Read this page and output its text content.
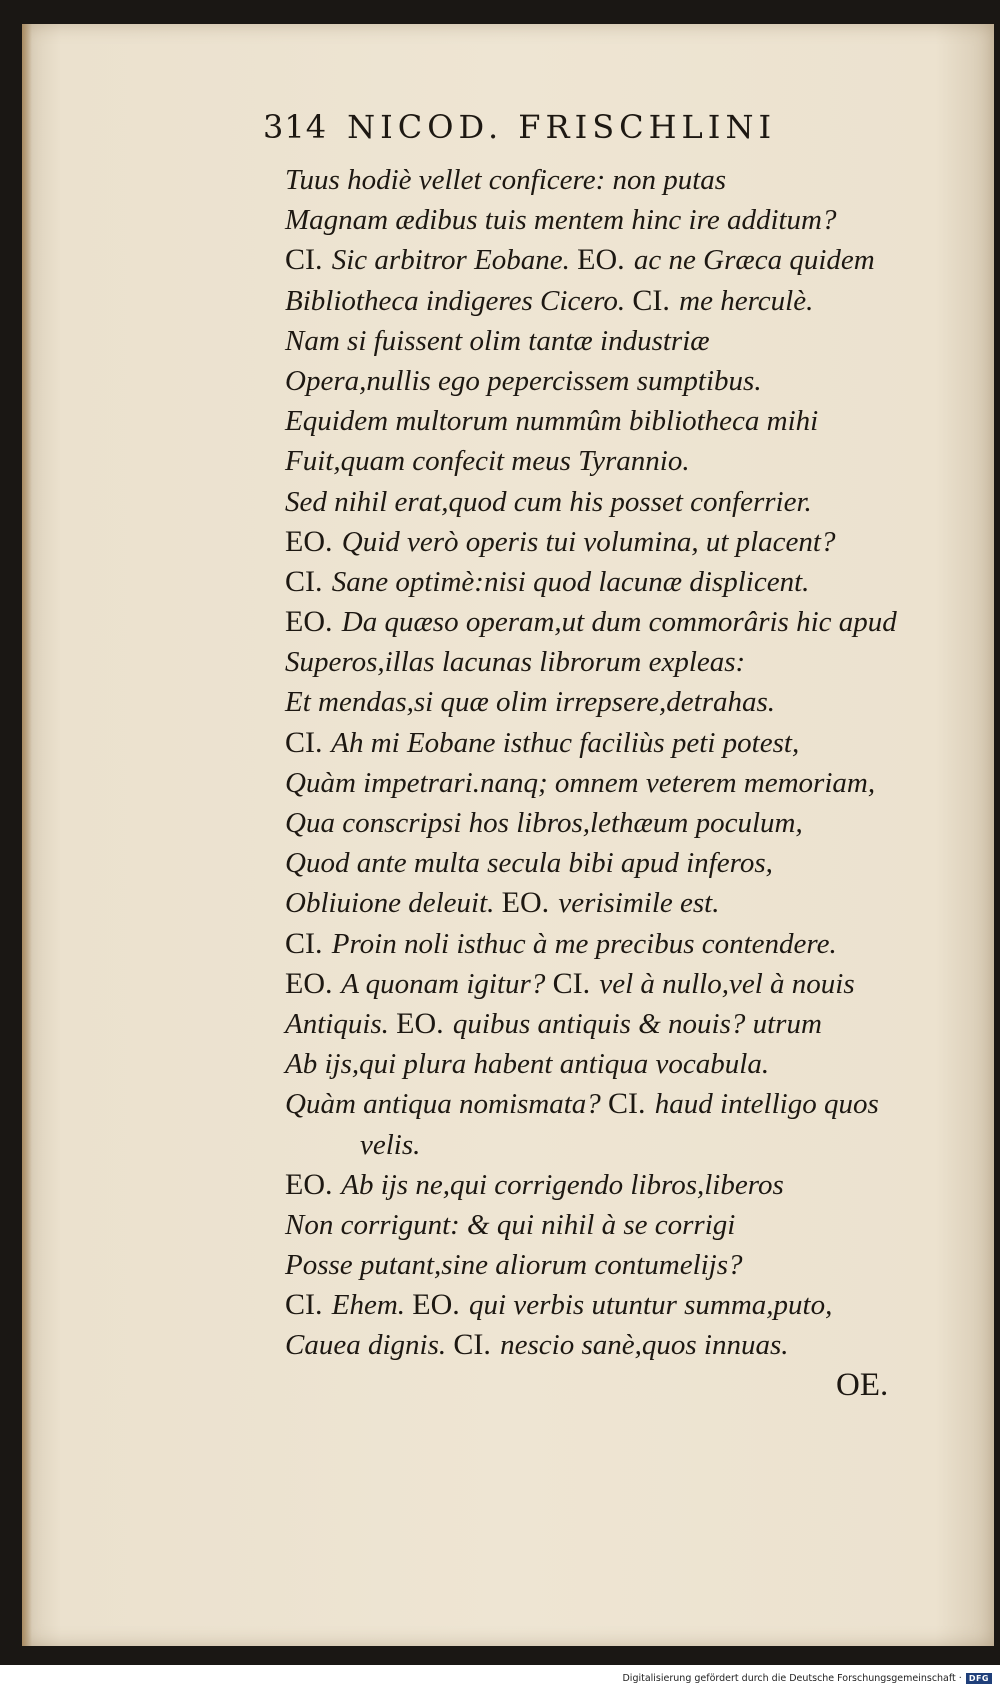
314 NICOD. FRISCHLINI
Tuus hodiè vellet conficere: non putas
Magnam ædibus tuis mentem hinc ire additum?
CI. Sic arbitror Eobane. EO. ac ne Græca quidem
Bibliotheca indigeres Cicero. CI. me herculè.
Nam si fuissent olim tantæ industriæ
Opera,nullis ego pepercissem sumptibus.
Equidem multorum nummûm bibliotheca mihi
Fuit,quam confecit meus Tyrannio.
Sed nihil erat,quod cum his posset conferrier.
EO. Quid verò operis tui volumina, ut placent?
CI. Sane optimè:nisi quod lacunæ displicent.
EO. Da quæso operam,ut dum commorâris hic apud
Superos,illas lacunas librorum expleas:
Et mendas,si quæ olim irrepsere,detrahas.
CI. Ah mi Eobane isthuc faciliùs peti potest,
Quàm impetrari.nanq; omnem veterem memoriam,
Qua conscripsi hos libros,lethæum poculum,
Quod ante multa secula bibi apud inferos,
Obliuione deleuit. EO. verisimile est.
CI. Proin noli isthuc à me precibus contendere.
EO. A quonam igitur? CI. vel à nullo,vel à nouis
Antiquis. EO. quibus antiquis & nouis? utrum
Ab ijs,qui plura habent antiqua vocabula.
Quàm antiqua nomismata? CI. haud intelligo quos
velis.
EO. Ab ijs ne,qui corrigendo libros,liberos
Non corrigunt: & qui nihil à se corrigi
Posse putant,sine aliorum contumelijs?
CI. Ehem. EO. qui verbis utuntur summa,puto,
Cauea dignis. CI. nescio sanè,quos innuas.
OE.
Digitalisierung gefördert durch die Deutsche Forschungsgemeinschaft · DFG
